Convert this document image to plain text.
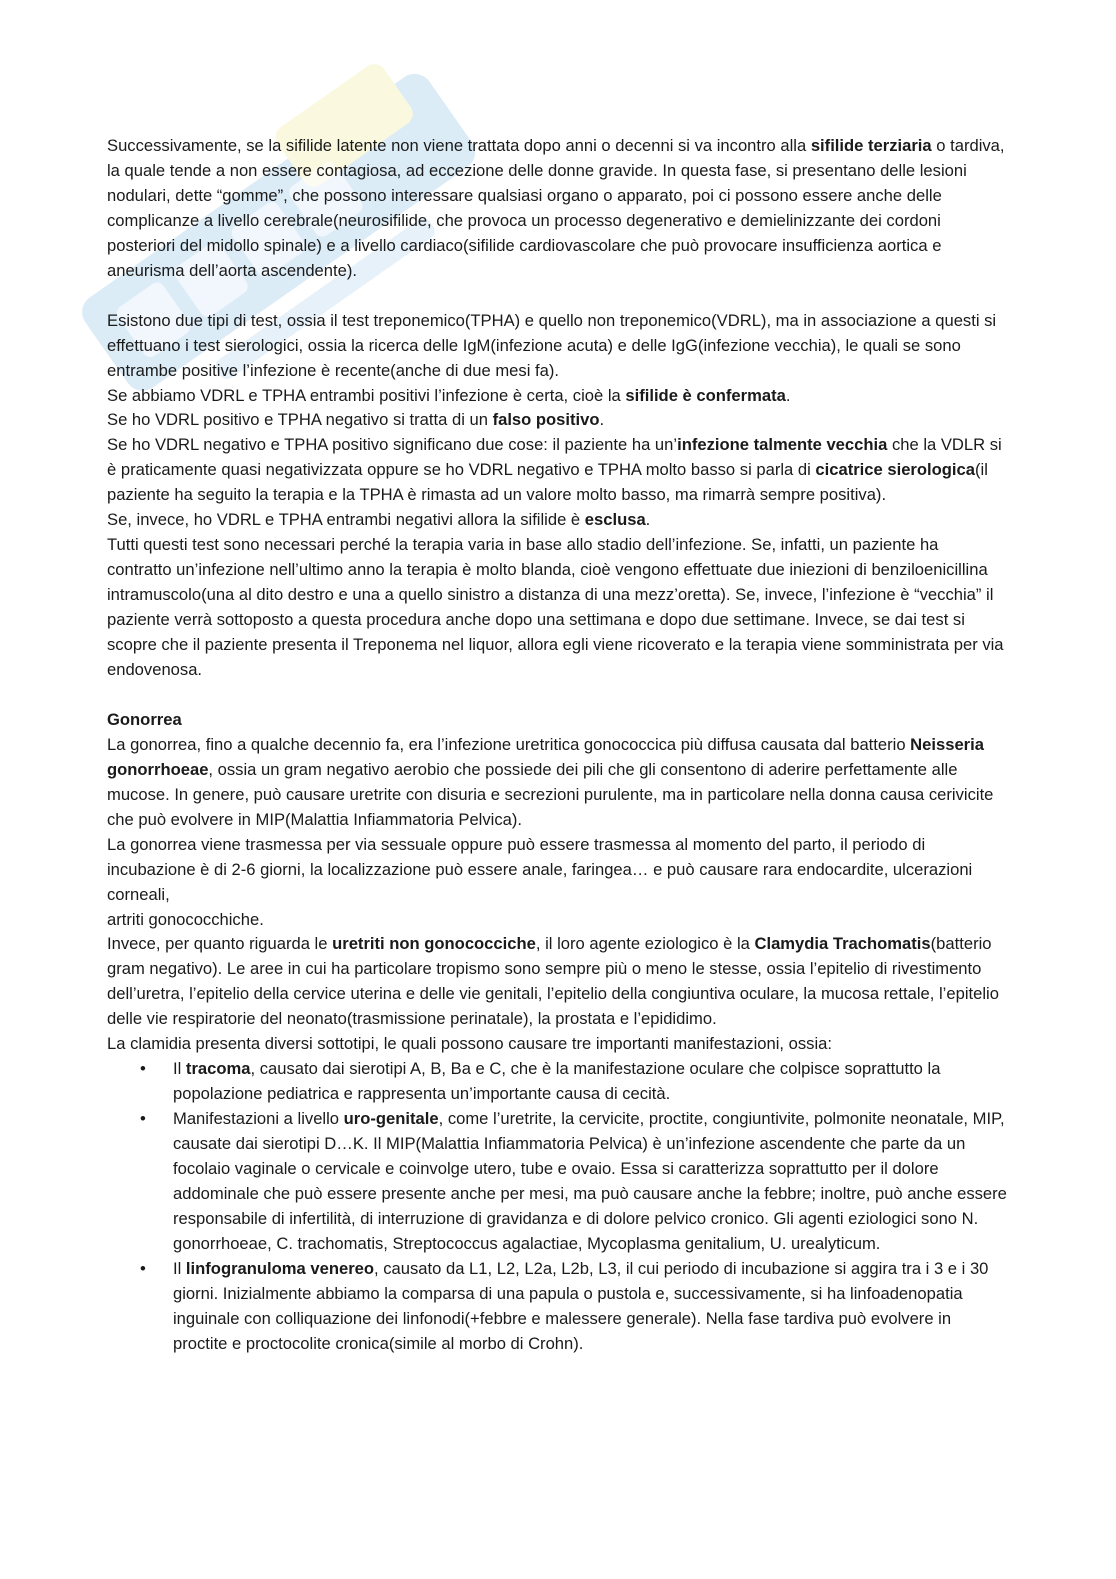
Successivamente, se la sifilide latente non viene trattata dopo anni o decenni si va incontro alla sifilide terziaria o tardiva, la quale tende a non essere contagiosa, ad eccezione delle donne gravide. In questa fase, si presentano delle lesioni nodulari, dette “gomme”, che possono interessare qualsiasi organo o apparato, poi ci possono essere anche delle complicanze a livello cerebrale(neurosifilide, che provoca un processo degenerativo e demielinizzante dei cordoni posteriori del midollo spinale) e a livello cardiaco(sifilide cardiovascolare che può provocare insufficienza aortica e aneurisma dell’aorta ascendente).

Esistono due tipi di test, ossia il test treponemico(TPHA) e quello non treponemico(VDRL), ma in associazione a questi si effettuano i test sierologici, ossia la ricerca delle IgM(infezione acuta) e delle IgG(infezione vecchia), le quali se sono entrambe positive l’infezione è recente(anche di due mesi fa).

Se abbiamo VDRL e TPHA entrambi positivi l’infezione è certa, cioè la sifilide è confermata.

Se ho VDRL positivo e TPHA negativo si tratta di un falso positivo.

Se ho VDRL negativo e TPHA positivo significano due cose: il paziente ha un’infezione talmente vecchia che la VDLR si è praticamente quasi negativizzata oppure se ho VDRL negativo e TPHA molto basso si parla di cicatrice sierologica(il paziente ha seguito la terapia e la TPHA è rimasta ad un valore molto basso, ma rimarrà sempre positiva).

Se, invece, ho VDRL e TPHA entrambi negativi allora la sifilide è esclusa.

Tutti questi test sono necessari perché la terapia varia in base allo stadio dell’infezione. Se, infatti, un paziente ha contratto un’infezione nell’ultimo anno la terapia è molto blanda, cioè vengono effettuate due iniezioni di benziloenicillina intramuscolo(una al dito destro e una a quello sinistro a distanza di una mezz’oretta). Se, invece, l’infezione è “vecchia” il paziente verrà sottoposto a questa procedura anche dopo una settimana e dopo due settimane. Invece, se dai test si scopre che il paziente presenta il Treponema nel liquor, allora egli viene ricoverato e la terapia viene somministrata per via endovenosa.

Gonorrea

La gonorrea, fino a qualche decennio fa, era l’infezione uretritica gonococcica più diffusa causata dal batterio Neisseria gonorrhoeae, ossia un gram negativo aerobio che possiede dei pili che gli consentono di aderire perfettamente alle mucose. In genere, può causare uretrite con disuria e secrezioni purulente, ma in particolare nella donna causa cerivicite che può evolvere in MIP(Malattia Infiammatoria Pelvica).

La gonorrea viene trasmessa per via sessuale oppure può essere trasmessa al momento del parto, il periodo di incubazione è di 2-6 giorni, la localizzazione può essere anale, faringea… e può causare rara endocardite, ulcerazioni corneali,

artriti gonococchiche.

Invece, per quanto riguarda le uretriti non gonococciche, il loro agente eziologico è la Clamydia Trachomatis(batterio gram negativo). Le aree in cui ha particolare tropismo sono sempre più o meno le stesse, ossia l’epitelio di rivestimento dell’uretra, l’epitelio della cervice uterina e delle vie genitali, l’epitelio della congiuntiva oculare, la mucosa rettale, l’epitelio delle vie respiratorie del neonato(trasmissione perinatale), la prostata e l’epididimo.

La clamidia presenta diversi sottotipi, le quali possono causare tre importanti manifestazioni, ossia:

• Il tracoma, causato dai sierotipi A, B, Ba e C, che è la manifestazione oculare che colpisce soprattutto la popolazione pediatrica e rappresenta un’importante causa di cecità.
• Manifestazioni a livello uro-genitale, come l’uretrite, la cervicite, proctite, congiuntivite, polmonite neonatale, MIP, causate dai sierotipi D…K. Il MIP(Malattia Infiammatoria Pelvica) è un’infezione ascendente che parte da un focolaio vaginale o cervicale e coinvolge utero, tube e ovaio. Essa si caratterizza soprattutto per il dolore addominale che può essere presente anche per mesi, ma può causare anche la febbre; inoltre, può anche essere responsabile di infertilità, di interruzione di gravidanza e di dolore pelvico cronico. Gli agenti eziologici sono N. gonorrhoeae, C. trachomatis, Streptococcus agalactiae, Mycoplasma genitalium, U. urealyticum.
• Il linfogranuloma venereo, causato da L1, L2, L2a, L2b, L3, il cui periodo di incubazione si aggira tra i 3 e i 30 giorni. Inizialmente abbiamo la comparsa di una papula o pustola e, successivamente, si ha linfoadenopatia inguinale con colliquazione dei linfonodi(+febbre e malessere generale). Nella fase tardiva può evolvere in proctite e proctocolite cronica(simile al morbo di Crohn).
